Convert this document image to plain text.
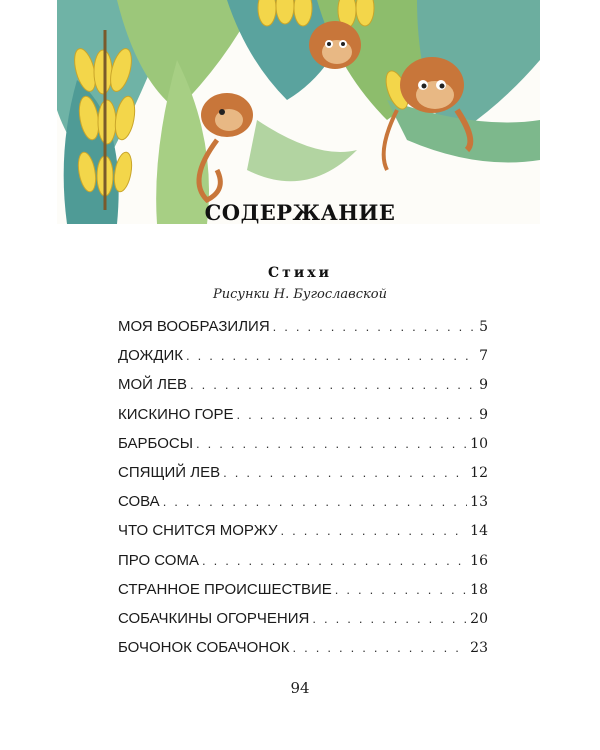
СОДЕРЖАНИЕ
Стихи
Рисунки Н. Бугославской
МОЯ ВООБРАЗИЛИЯ . . .	5
ДОЖДИК . . .	7
МОЙ ЛЕВ . . .	9
КИСКИНО ГОРЕ . . .	9
БАРБОСЫ . . .	10
СПЯЩИЙ ЛЕВ . . .	12
СОВА . . .	13
ЧТО СНИТСЯ МОРЖУ . . .	14
ПРО СОМА . . .	16
СТРАННОЕ ПРОИСШЕСТВИЕ . . .	18
СОБАЧКИНЫ ОГОРЧЕНИЯ . . .	20
БОЧОНОК СОБАЧОНОК . . .	23
94
